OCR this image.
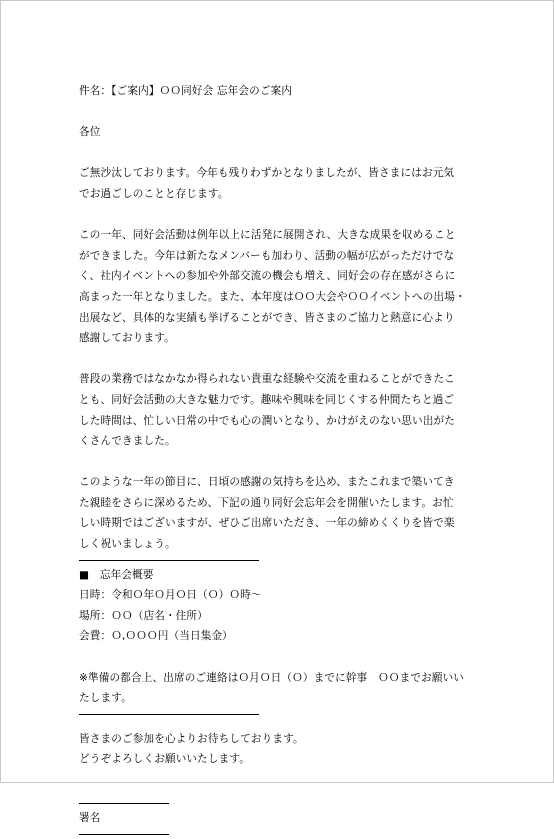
件名：【ご案内】ＯＯ同好会 忘年会のご案内

各位

ご無沙汰しております。今年も残りわずかとなりましたが、皆さまにはお元気

でお過ごしのことと存じます。

この一年、同好会活動は例年以上に活発に展開され、大きな成果を収めること

ができました。今年は新たなメンバーも加わり、活動の幅が広がっただけでな

く、社内イベントへの参加や外部交流の機会も増え、同好会の存在感がさらに

高まった一年となりました。また、本年度はＯＯ大会やＯＯイベントへの出場・

出展など、具体的な実績も挙げることができ、皆さまのご協力と熱意に心より

感謝しております。

普段の業務ではなかなか得られない貴重な経験や交流を重ねることができたこ

とも、同好会活動の大きな魅力です。趣味や興味を同じくする仲間たちと過ご

した時間は、忙しい日常の中でも心の潤いとなり、かけがえのない思い出がた

くさんできました。

このような一年の節目に、日頃の感謝の気持ちを込め、またこれまで築いてき

た親睦をさらに深めるため、下記の通り同好会忘年会を開催いたします。お忙

しい時期ではございますが、ぜひご出席いただき、一年の締めくくりを皆で楽

しく祝いましょう。

■　忘年会概要

日時：令和Ｏ年Ｏ月Ｏ日（Ｏ）Ｏ時～

場所：ＯＯ（店名・住所）

会費：Ｏ,ＯＯＯ円（当日集金）

※準備の都合上、出席のご連絡はＯ月Ｏ日（Ｏ）までに幹事　ＯＯまでお願いい

たします。

皆さまのご参加を心よりお待ちしております。

どうぞよろしくお願いいたします。

署名
